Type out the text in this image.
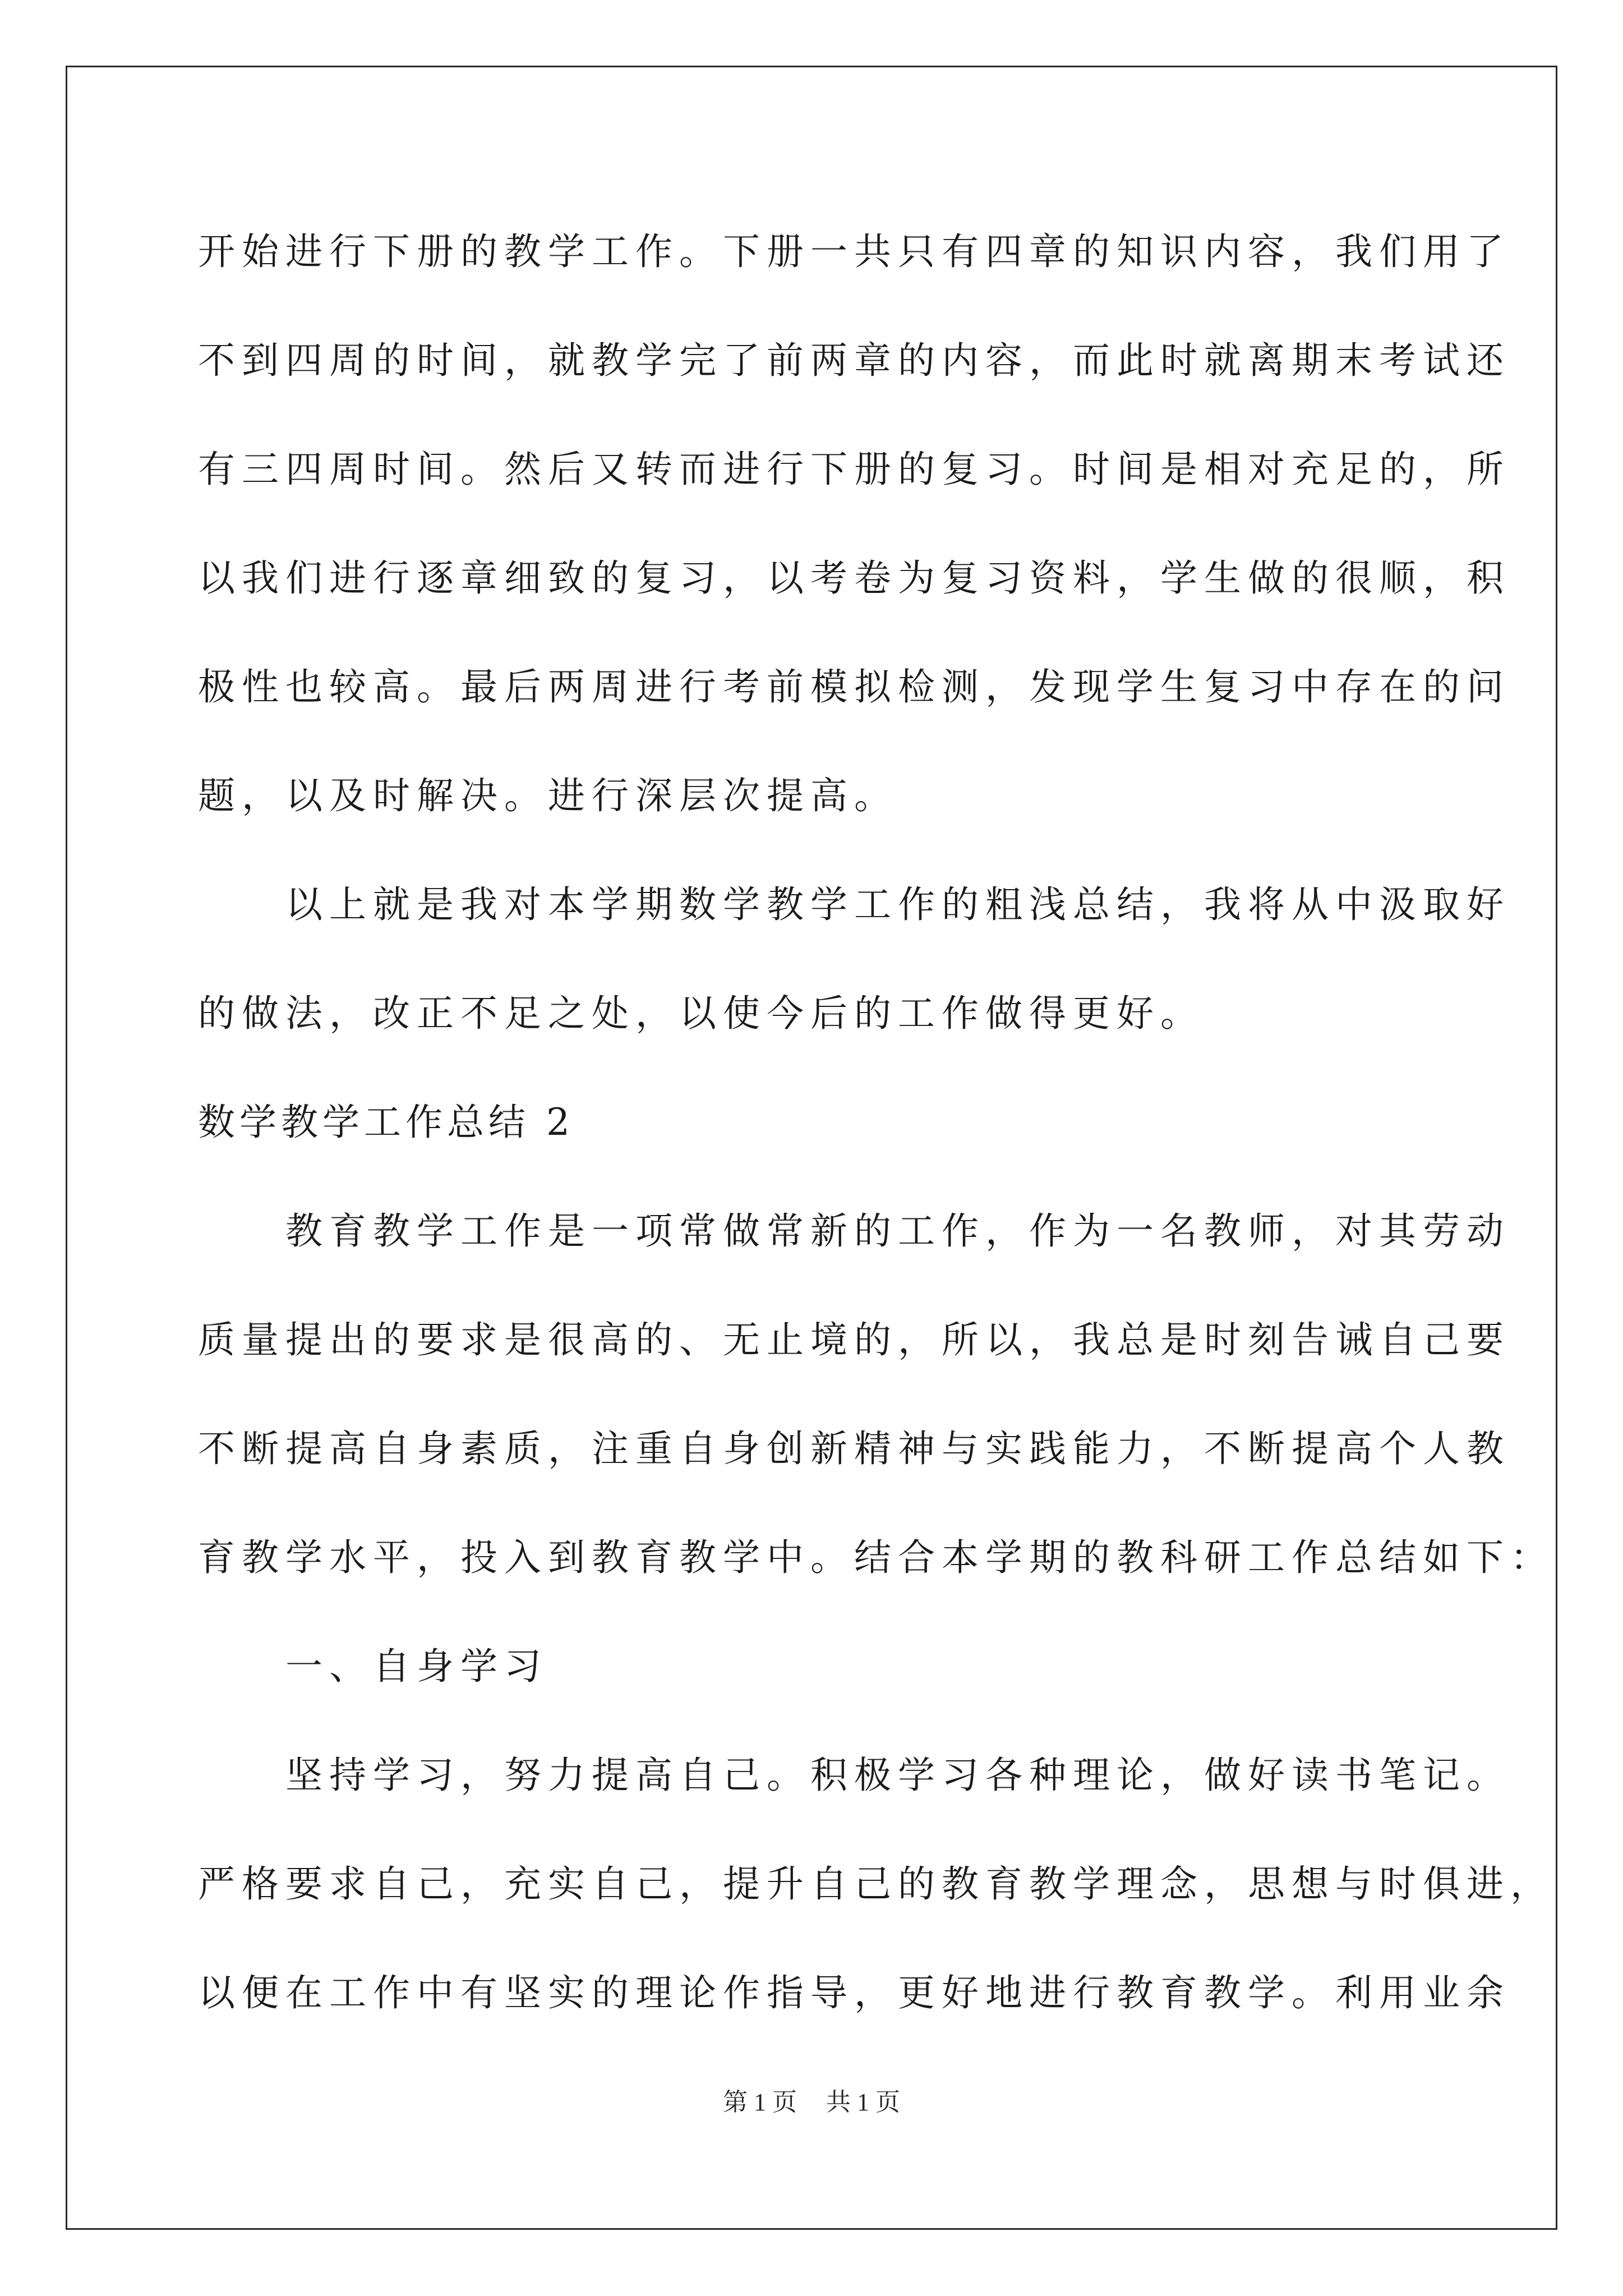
开始进行下册的教学工作。下册一共只有四章的知识内容，我们用了
不到四周的时间，就教学完了前两章的内容，而此时就离期末考试还
有三四周时间。然后又转而进行下册的复习。时间是相对充足的，所
以我们进行逐章细致的复习，以考卷为复习资料，学生做的很顺，积
极性也较高。最后两周进行考前模拟检测，发现学生复习中存在的问
题，以及时解决。进行深层次提高。
　　以上就是我对本学期数学教学工作的粗浅总结，我将从中汲取好
的做法，改正不足之处，以使今后的工作做得更好。
数学教学工作总结 2
　　教育教学工作是一项常做常新的工作，作为一名教师，对其劳动
质量提出的要求是很高的、无止境的，所以，我总是时刻告诫自己要
不断提高自身素质，注重自身创新精神与实践能力，不断提高个人教
育教学水平，投入到教育教学中。结合本学期的教科研工作总结如下：
　　一、自身学习
　　坚持学习，努力提高自己。积极学习各种理论，做好读书笔记。
严格要求自己，充实自己，提升自己的教育教学理念，思想与时俱进，
以便在工作中有坚实的理论作指导，更好地进行教育教学。利用业余
第 1 页 共 1 页
